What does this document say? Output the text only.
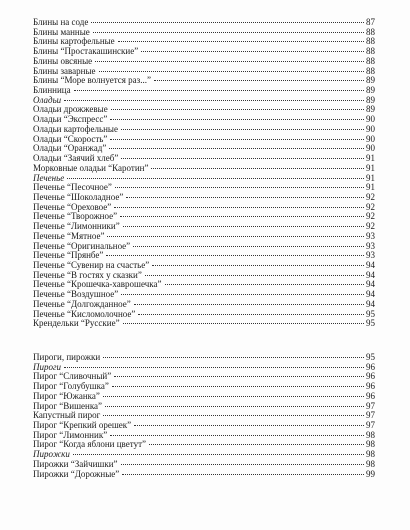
Блины на соде	87
Блины манные	88
Блины картофельные	88
Блины “Простакашинские”	88
Блины овсяные	88
Блины заварные	88
Блины “Море волнуется раз...”	89
Блинница	89
Оладьи	89
Оладьи дрожжевые	89
Оладьи “Экспресс”	90
Оладьи картофельные	90
Оладьи “Скорость”	90
Оладьи “Оранжад”	90
Оладьи “Заячий хлеб”	91
Морковные оладьи “Каротин”	91
Печенье	91
Печенье “Песочное”	91
Печенье “Шоколадное”	92
Печенье “Ореховое”	92
Печенье “Творожное”	92
Печенье “Лимонники”	92
Печенье “Мятное”	93
Печенье “Оригинальное”	93
Печенье “Прянбе”	93
Печенье “Сувенир на счастье”	94
Печенье “В гостях у сказки”	94
Печенье “Крошечка-хаврошечка”	94
Печенье “Воздушное”	94
Печенье “Долгожданное”	94
Печенье “Кисломолочное”	95
Крендельки “Русские”	95
Пироги, пирожки	95
Пироги	96
Пирог “Сливочный”	96
Пирог “Голубушка”	96
Пирог “Южанка”	96
Пирог “Вишенка”	97
Капустный пирог	97
Пирог “Крепкий орешек”	97
Пирог “Лимонник”	98
Пирог “Когда яблони цветут”	98
Пирожки	98
Пирожки “Зайчишки”	98
Пирожки “Дорожные”	99
